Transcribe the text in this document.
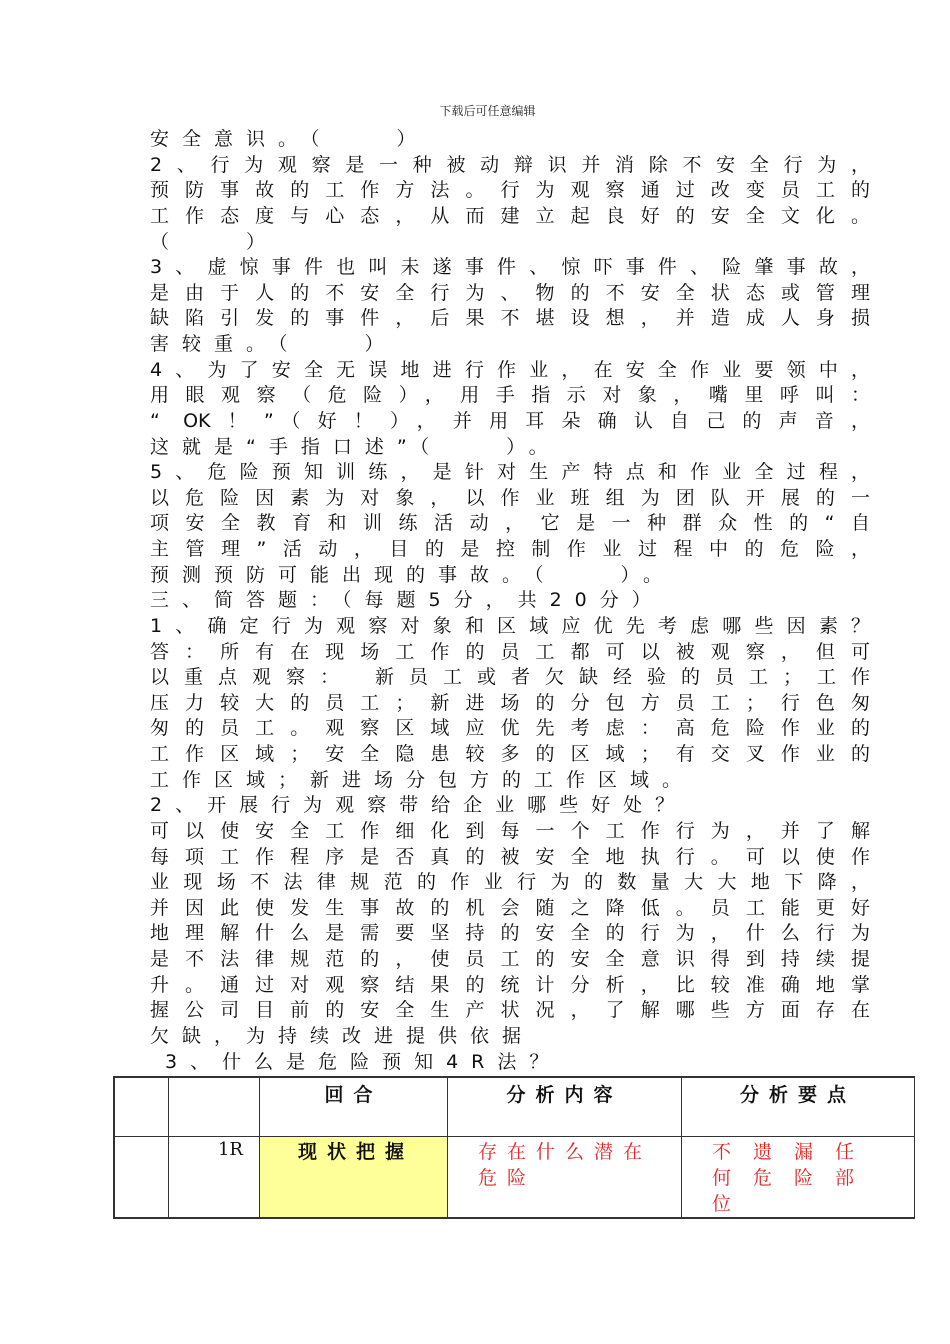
下载后可任意编辑
安全意识。（　　）
2、行为观察是一种被动辩识并消除不安全行为，
预防事故的工作方法。行为观察通过改变员工的
工作态度与心态，从而建立起良好的安全文化。
（　　）
3、虚惊事件也叫未遂事件、惊吓事件、险肇事故，
是由于人的不安全行为、物的不安全状态或管理
缺陷引发的事件，后果不堪设想，并造成人身损
害较重。（　　）
4、为了安全无误地进行作业，在安全作业要领中，
用眼观察（危险），用手指示对象，嘴里呼叫：
“ OK！”（好！），并用耳朵确认自己的声音，
这就是“手指口述”（　　）。
5、危险预知训练，是针对生产特点和作业全过程，
以危险因素为对象，以作业班组为团队开展的一
项安全教育和训练活动，它是一种群众性的“自
主管理”活动，目的是控制作业过程中的危险，
预测预防可能出现的事故。（　　）。
三、简答题：（每题5分，共20分）
1、确定行为观察对象和区域应优先考虑哪些因素？
答：所有在现场工作的员工都可以被观察，但可
以重点观察： 新员工或者欠缺经验的员工；工作
压力较大的员工；新进场的分包方员工；行色匆
匆的员工。观察区域应优先考虑：高危险作业的
工作区域；安全隐患较多的区域；有交叉作业的
工作区域；新进场分包方的工作区域。
2、开展行为观察带给企业哪些好处？
可以使安全工作细化到每一个工作行为，并了解
每项工作程序是否真的被安全地执行。可以使作
业现场不法律规范的作业行为的数量大大地下降，
并因此使发生事故的机会随之降低。员工能更好
地理解什么是需要坚持的安全的行为，什么行为
是不法律规范的，使员工的安全意识得到持续提
升。通过对观察结果的统计分析，比较准确地掌
握公司目前的安全生产状况，了解哪些方面存在
欠缺，为持续改进提供依据
3、什么是危险预知4R法？
		回合	分析内容	分析要点
	1R	现状把握	存在什么潜在危险	不遗漏任何危险部位
